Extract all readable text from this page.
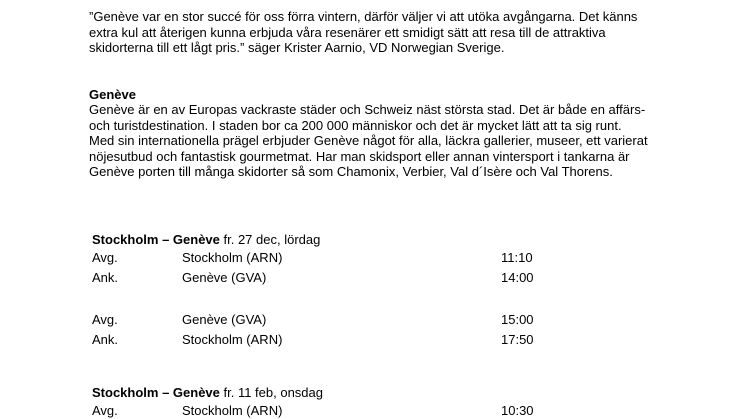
”Genève var en stor succé för oss förra vintern, därför väljer vi att utöka avgångarna. Det känns extra kul att återigen kunna erbjuda våra resenärer ett smidigt sätt att resa till de attraktiva skidorterna till ett lågt pris.” säger Krister Aarnio, VD Norwegian Sverige.

Genève

Genève är en av Europas vackraste städer och Schweiz näst största stad. Det är både en affärs- och turistdestination. I staden bor ca 200 000 människor och det är mycket lätt att ta sig runt. Med sin internationella prägel erbjuder Genève något för alla, läckra gallerier, museer, ett varierat nöjesutbud och fantastisk gourmetmat. Har man skidsport eller annan vintersport i tankarna är Genève porten till många skidorter så som Chamonix, Verbier, Val d´Isère och Val Thorens.

Stockholm – Genève fr. 27 dec, lördag
Avg.	Stockholm (ARN)	11:10
Ank.	Genève (GVA)	14:00
Avg.	Genève (GVA)	15:00
Ank.	Stockholm (ARN)	17:50
Stockholm – Genève fr. 11 feb, onsdag
Avg.	Stockholm (ARN)	10:30
